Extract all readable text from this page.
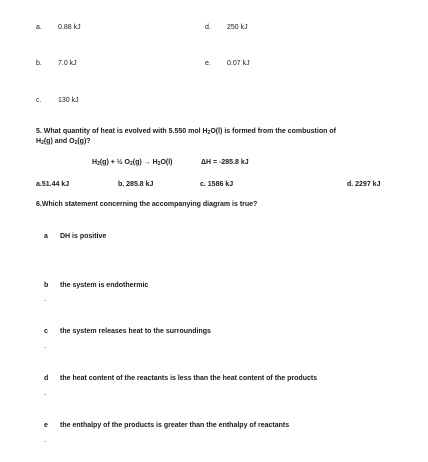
a. 0.88 kJ	d. 250 kJ
b. 7.0 kJ	e. 0.07 kJ
c. 130 kJ
5. What quantity of heat is evolved with 5.550 mol $H_2O(l)$ is formed from the combustion of
$H_2(g)$ and $O_2(g)$?
$H_2(g)$ + ½ $O_2(g) \to H_2O(l)$	ΔH = -285.8 kJ
a.51.44 kJ	b. 285.8 kJ	c. 1586 kJ	d. 2297 kJ
6.Which statement concerning the accompanying diagram is true?
a DH is positive
b the system is endothermic
.
c the system releases heat to the surroundings
.
d the heat content of the reactants is less than the heat content of the products
.
e the enthalpy of the products is greater than the enthalpy of reactants
.
